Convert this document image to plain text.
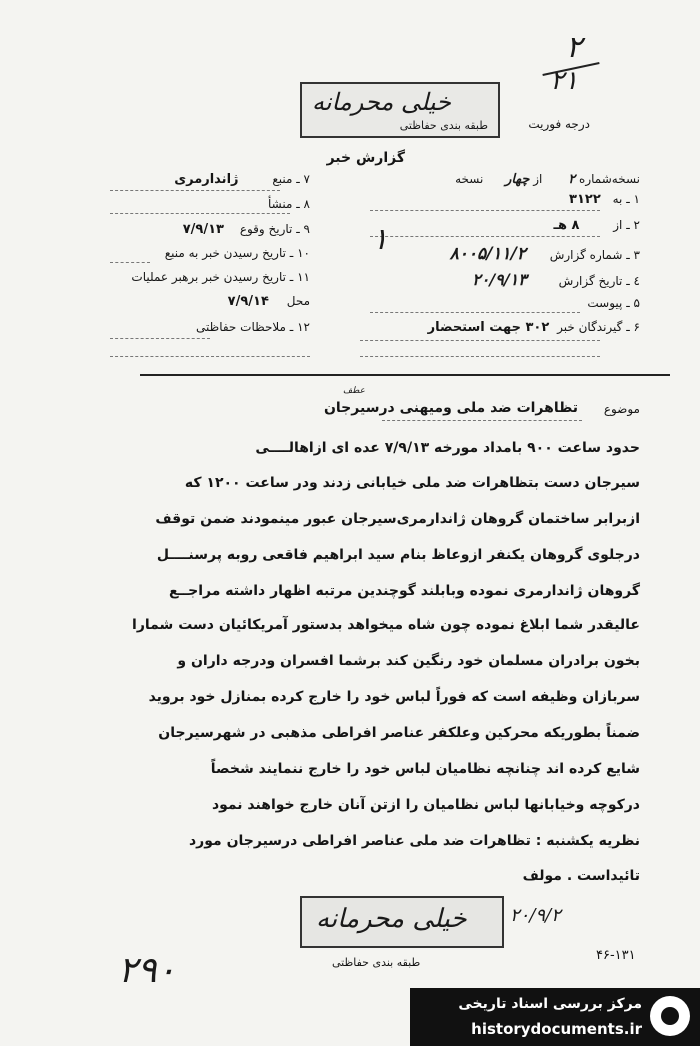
۲
۲۱
خیلی محرمانه
طبقه بندی حفاظتی	درجه فوریت
گزارش خبر
نسخه‌شماره ۲ از چهار نسخه
۱ ـ به ۳۱۲۲
۲ ـ از ۸ هـ
۳ ـ شماره گزارش ۸۰۰۵/۱۱/۲
٤ ـ تاریخ گزارش ۲۰/۹/۱۳
۵ ـ پیوست
۶ ـ گیرندگان خبر ۳۰۲ جهت استحضار
۱
۷ ـ منبع ژاندارمری
۸ ـ منشأ
۹ ـ تاریخ وقوع ۷/۹/۱۳
۱۰ ـ تاریخ رسیدن خبر به منبع
۱۱ ـ تاریخ رسیدن خبر برهبر عملیات
محل ۷/۹/۱۴
۱۲ ـ ملاحظات حفاظتی
موضوع
عطف
تظاهرات ضد ملی ومیهنی درسیرجان
حدود ساعت ۹۰۰ بامداد مورخه ۷/۹/۱۳ عده ای ازاهالــــی
سیرجان دست بتظاهرات ضد ملی خیابانی زدند ودر ساعت ۱۲۰۰ که
ازبرابر ساختمان گروهان ژاندارمری‌سیرجان عبور مینمودند ضمن توقف
درجلوی گروهان یکنفر ازوعاظ بنام سید ابراهیم فاقعی روبه پرسنــــل
گروهان ژاندارمری نموده وبابلند گوچندین مرتبه اظهار داشته مراجــع
عالیقدر شما ابلاغ نموده چون شاه میخواهد بدستور آمریکائیان دست شمارا
بخون برادران مسلمان خود رنگین کند برشما افسران ودرجه داران و
سربازان وظیفه است که فوراً لباس خود را خارج کرده بمنازل خود بروید
ضمناً بطوریکه محرکین وعلکفر عناصر افراطی مذهبی در شهرسیرجان
شایع کرده اند چنانچه نظامیان لباس خود را خارج ننمایند شخصاً
درکوچه وخیابانها لباس نظامیان را ازتن آنان خارج خواهند نمود
نظریه یکشنبه : تظاهرات ضد ملی عناصر افراطی درسیرجان مورد
تائیداست . مولف
خیلی محرمانه ۲۰/۹/۲
طبقه بندی حفاظتی	۴۶-۱۳۱
۲۹۰
مرکز بررسی اسناد تاریخی
historydocuments.ir
